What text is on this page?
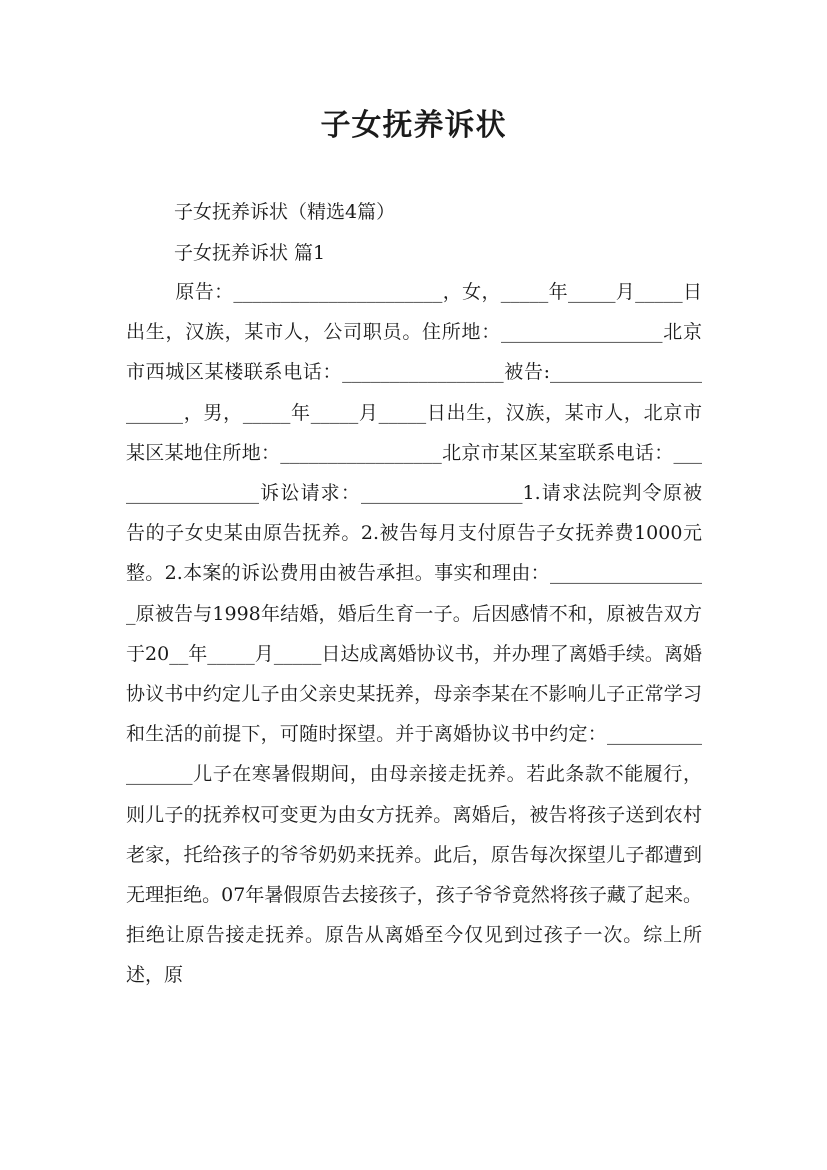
子女抚养诉状
子女抚养诉状（精选4篇）
子女抚养诉状 篇1
原告：______________________，女，_____年_____月_____日出生，汉族，某市人，公司职员。住所地：_________________北京市西城区某楼联系电话：_________________被告:______________________，男，_____年_____月_____日出生，汉族，某市人，北京市某区某地住所地：_________________北京市某区某室联系电话：_________________诉讼请求：_________________1.请求法院判令原被告的子女史某由原告抚养。2.被告每月支付原告子女抚养费1000元整。2.本案的诉讼费用由被告承担。事实和理由：_________________原被告与1998年结婚，婚后生育一子。后因感情不和，原被告双方于20__年_____月_____日达成离婚协议书，并办理了离婚手续。离婚协议书中约定儿子由父亲史某抚养，母亲李某在不影响儿子正常学习和生活的前提下，可随时探望。并于离婚协议书中约定：_________________儿子在寒暑假期间，由母亲接走抚养。若此条款不能履行，则儿子的抚养权可变更为由女方抚养。离婚后，被告将孩子送到农村老家，托给孩子的爷爷奶奶来抚养。此后，原告每次探望儿子都遭到无理拒绝。07年暑假原告去接孩子，孩子爷爷竟然将孩子藏了起来。拒绝让原告接走抚养。原告从离婚至今仅见到过孩子一次。综上所述，原
